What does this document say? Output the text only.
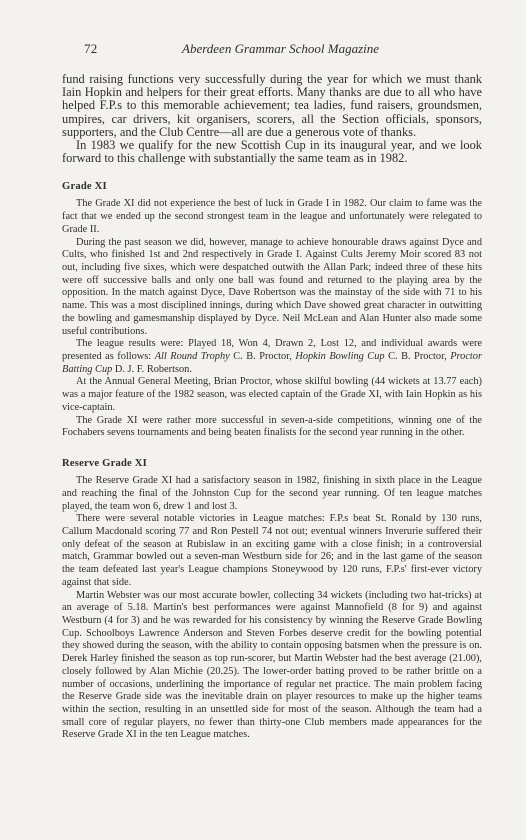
72	Aberdeen Grammar School Magazine

fund raising functions very successfully during the year for which we must thank Iain Hopkin and helpers for their great efforts. Many thanks are due to all who have helped F.P.s to this memorable achievement; tea ladies, fund raisers, groundsmen, umpires, car drivers, kit organisers, scorers, all the Section officials, sponsors, supporters, and the Club Centre—all are due a generous vote of thanks.

In 1983 we qualify for the new Scottish Cup in its inaugural year, and we look forward to this challenge with substantially the same team as in 1982.

Grade XI

The Grade XI did not experience the best of luck in Grade I in 1982. Our claim to fame was the fact that we ended up the second strongest team in the league and unfortunately were relegated to Grade II.

During the past season we did, however, manage to achieve honourable draws against Dyce and Cults, who finished 1st and 2nd respectively in Grade I. Against Cults Jeremy Moir scored 83 not out, including five sixes, which were despatched outwith the Allan Park; indeed three of these hits were off successive balls and only one ball was found and returned to the playing area by the opposition. In the match against Dyce, Dave Robertson was the mainstay of the side with 71 to his name. This was a most disciplined innings, during which Dave showed great character in outwitting the bowling and gamesmanship displayed by Dyce. Neil McLean and Alan Hunter also made some useful contributions.

The league results were: Played 18, Won 4, Drawn 2, Lost 12, and individual awards were presented as follows: All Round Trophy C. B. Proctor, Hopkin Bowling Cup C. B. Proctor, Proctor Batting Cup D. J. F. Robertson.

At the Annual General Meeting, Brian Proctor, whose skilful bowling (44 wickets at 13.77 each) was a major feature of the 1982 season, was elected captain of the Grade XI, with Iain Hopkin as his vice-captain.

The Grade XI were rather more successful in seven-a-side competitions, winning one of the Fochabers sevens tournaments and being beaten finalists for the second year running in the other.

Reserve Grade XI

The Reserve Grade XI had a satisfactory season in 1982, finishing in sixth place in the League and reaching the final of the Johnston Cup for the second year running. Of ten league matches played, the team won 6, drew 1 and lost 3.

There were several notable victories in League matches: F.P.s beat St. Ronald by 130 runs, Callum Macdonald scoring 77 and Ron Pestell 74 not out; eventual winners Inverurie suffered their only defeat of the season at Rubislaw in an exciting game with a close finish; in a controversial match, Grammar bowled out a seven-man Westburn side for 26; and in the last game of the season the team defeated last year's League champions Stoneywood by 120 runs, F.P.s' first-ever victory against that side.

Martin Webster was our most accurate bowler, collecting 34 wickets (including two hat-tricks) at an average of 5.18. Martin's best performances were against Mannofield (8 for 9) and against Westburn (4 for 3) and he was rewarded for his consistency by winning the Reserve Grade Bowling Cup. Schoolboys Lawrence Anderson and Steven Forbes deserve credit for the bowling potential they showed during the season, with the ability to contain opposing batsmen when the pressure is on. Derek Harley finished the season as top run-scorer, but Martin Webster had the best average (21.00), closely followed by Alan Michie (20.25). The lower-order batting proved to be rather brittle on a number of occasions, underlining the importance of regular net practice. The main problem facing the Reserve Grade side was the inevitable drain on player resources to make up the higher teams within the section, resulting in an unsettled side for most of the season. Although the team had a small core of regular players, no fewer than thirty-one Club members made appearances for the Reserve Grade XI in the ten League matches.
